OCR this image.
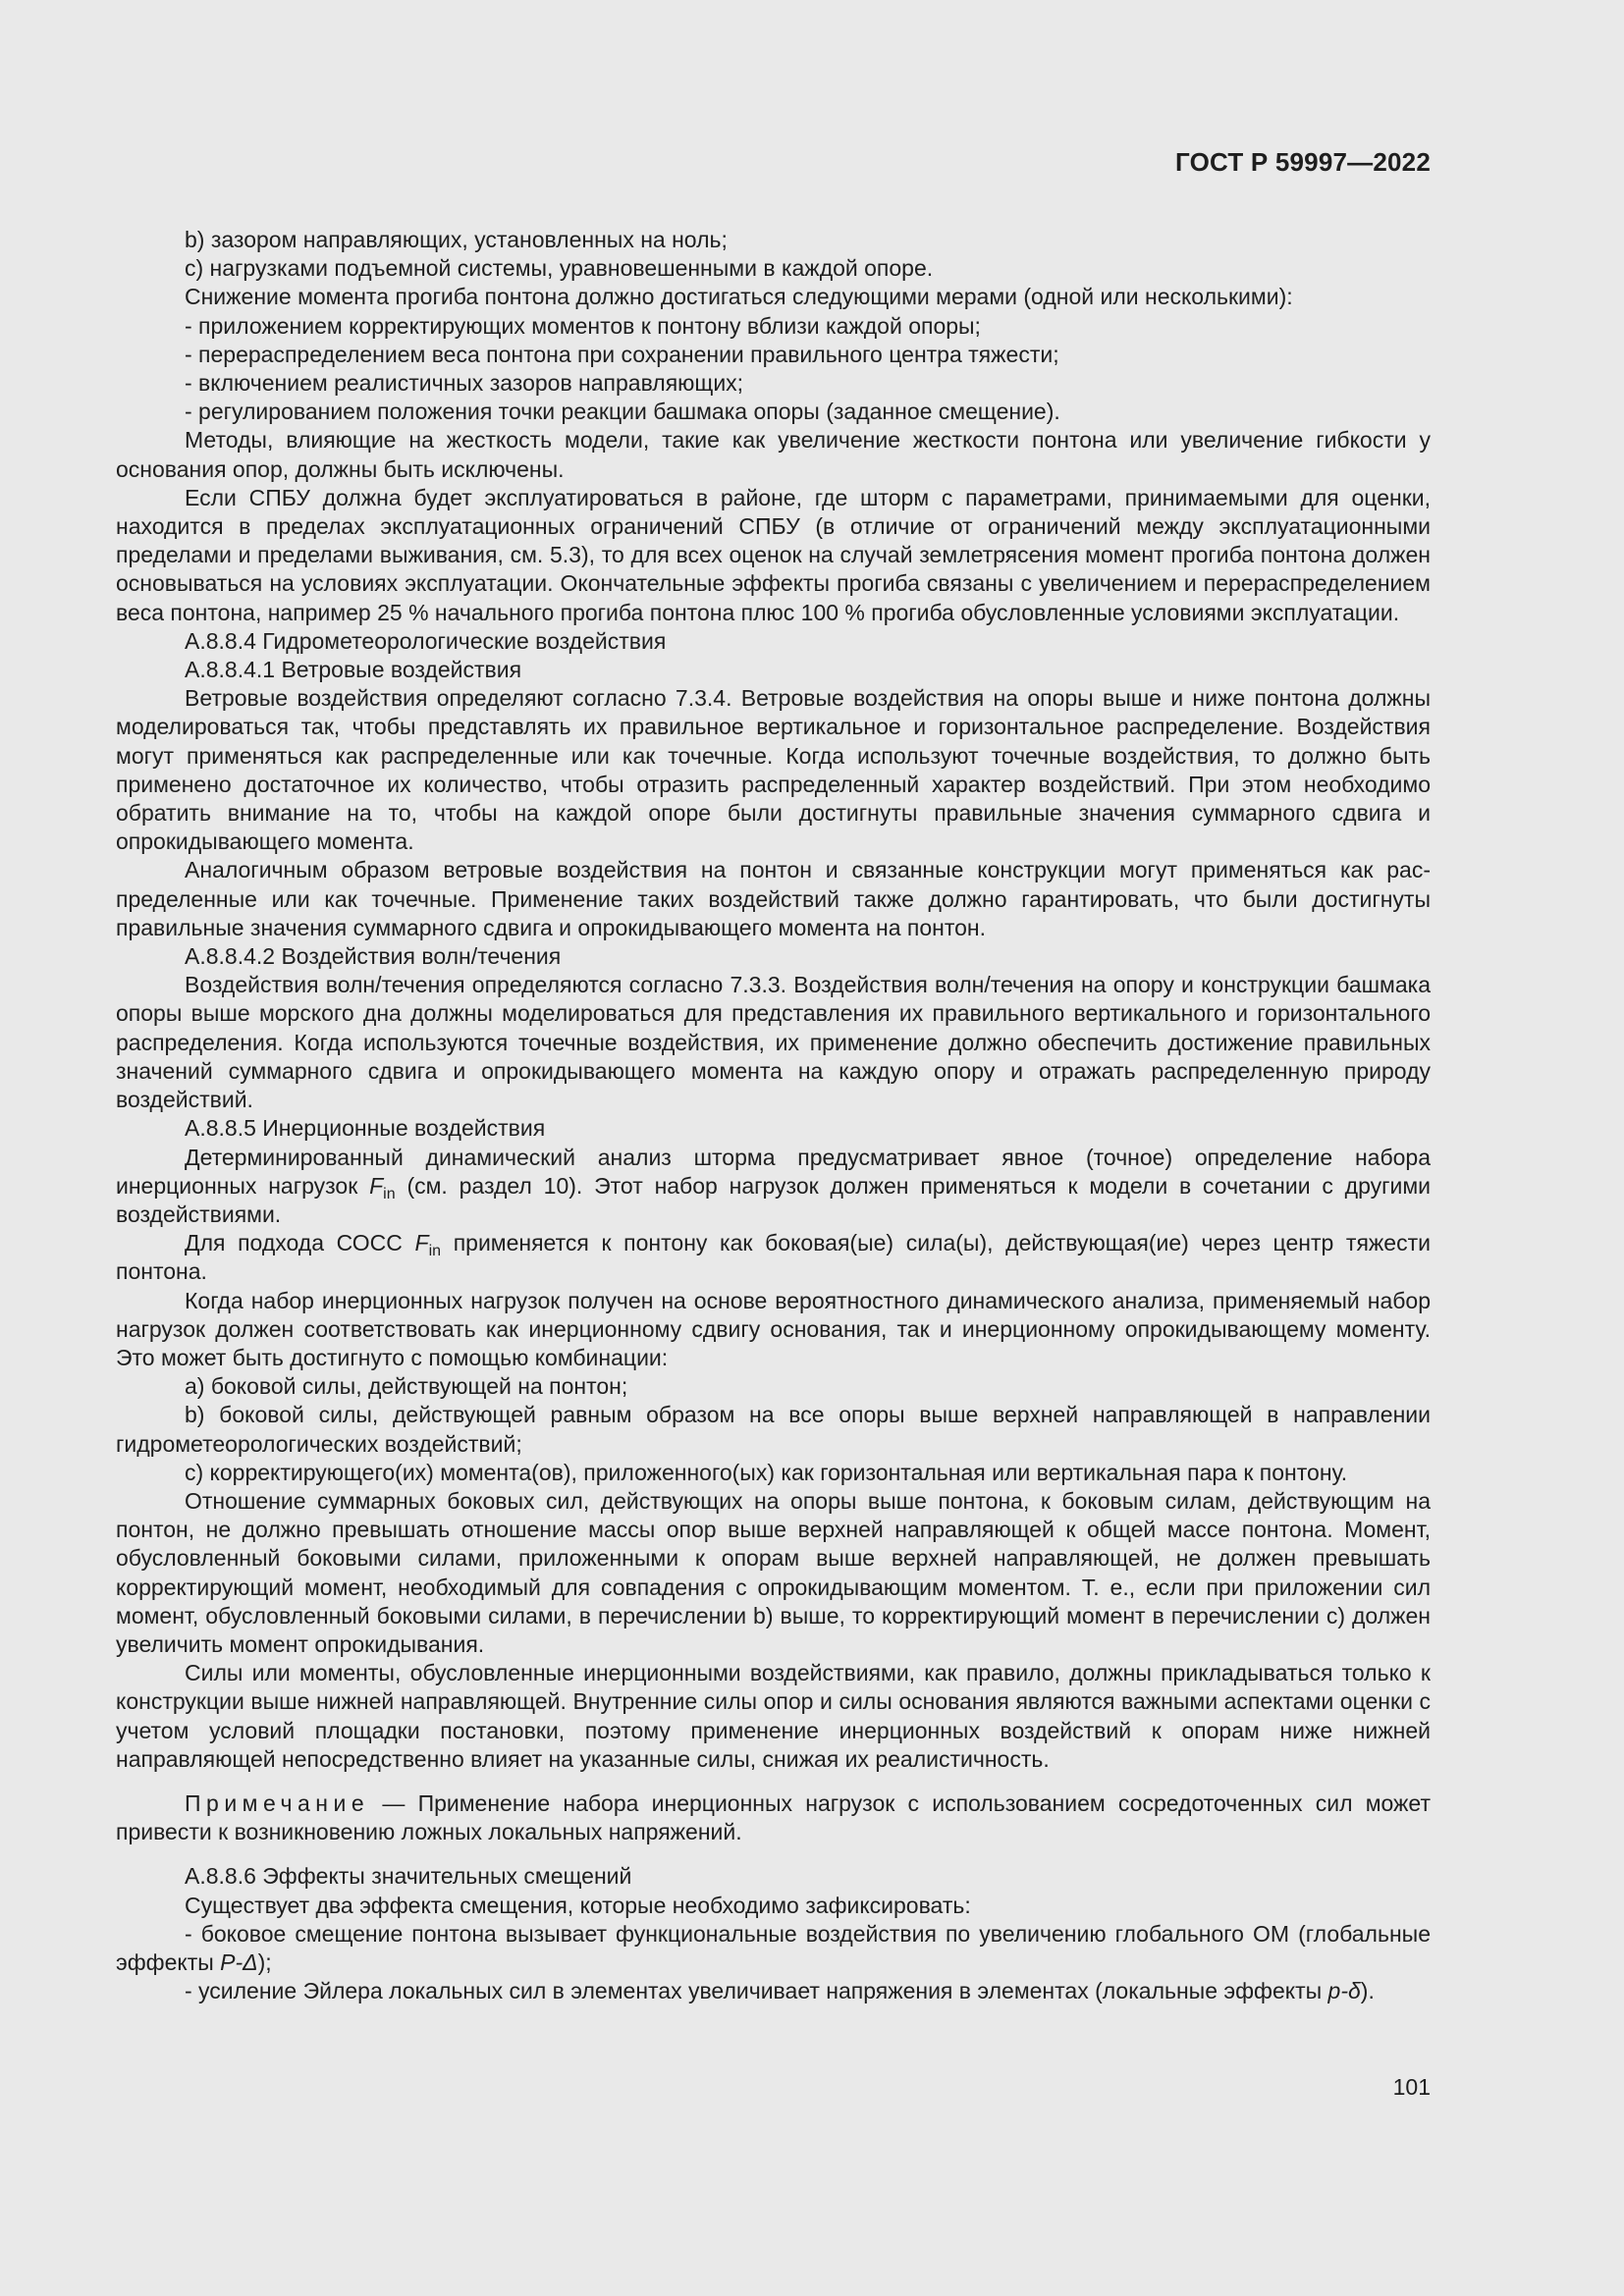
ГОСТ Р 59997—2022

b) зазором направляющих, установленных на ноль;

c) нагрузками подъемной системы, уравновешенными в каждой опоре.

Снижение момента прогиба понтона должно достигаться следующими мерами (одной или несколькими):

- приложением корректирующих моментов к понтону вблизи каждой опоры;

- перераспределением веса понтона при сохранении правильного центра тяжести;

- включением реалистичных зазоров направляющих;

- регулированием положения точки реакции башмака опоры (заданное смещение).

Методы, влияющие на жесткость модели, такие как увеличение жесткости понтона или увеличение гибкости у основания опор, должны быть исключены.

Если СПБУ должна будет эксплуатироваться в районе, где шторм с параметрами, принимаемыми для оценки, находится в пределах эксплуатационных ограничений СПБУ (в отличие от ограничений между эксплуатационными пределами и пределами выживания, см. 5.3), то для всех оценок на случай землетрясения момент прогиба понтона должен основываться на условиях эксплуатации. Окончательные эффекты прогиба связаны с увеличением и перераспределением веса понтона, например 25 % начального прогиба понтона плюс 100 % прогиба обусловленные условиями эксплуатации.

А.8.8.4 Гидрометеорологические воздействия

А.8.8.4.1 Ветровые воздействия

Ветровые воздействия определяют согласно 7.3.4. Ветровые воздействия на опоры выше и ниже понтона должны моделироваться так, чтобы представлять их правильное вертикальное и горизонтальное распределение. Воздействия могут применяться как распределенные или как точечные. Когда используют точечные воздействия, то должно быть применено достаточное их количество, чтобы отразить распределенный характер воздействий. При этом необходимо обратить внимание на то, чтобы на каждой опоре были достигнуты правильные значения суммарного сдвига и опрокидывающего момента.

Аналогичным образом ветровые воздействия на понтон и связанные конструкции могут применяться как распределенные или как точечные. Применение таких воздействий также должно гарантировать, что были достигнуты правильные значения суммарного сдвига и опрокидывающего момента на понтон.

А.8.8.4.2 Воздействия волн/течения

Воздействия волн/течения определяются согласно 7.3.3. Воздействия волн/течения на опору и конструкции башмака опоры выше морского дна должны моделироваться для представления их правильного вертикального и горизонтального распределения. Когда используются точечные воздействия, их применение должно обеспечить достижение правильных значений суммарного сдвига и опрокидывающего момента на каждую опору и отражать распределенную природу воздействий.

А.8.8.5 Инерционные воздействия

Детерминированный динамический анализ шторма предусматривает явное (точное) определение набора инерционных нагрузок $F_{in}$ (см. раздел 10). Этот набор нагрузок должен применяться к модели в сочетании с другими воздействиями.

Для подхода СОСС $F_{in}$ применяется к понтону как боковая(ые) сила(ы), действующая(ие) через центр тяжести понтона.

Когда набор инерционных нагрузок получен на основе вероятностного динамического анализа, применяемый набор нагрузок должен соответствовать как инерционному сдвигу основания, так и инерционному опрокидывающему моменту. Это может быть достигнуто с помощью комбинации:

a) боковой силы, действующей на понтон;

b) боковой силы, действующей равным образом на все опоры выше верхней направляющей в направлении гидрометеорологических воздействий;

c) корректирующего(их) момента(ов), приложенного(ых) как горизонтальная или вертикальная пара к понтону.

Отношение суммарных боковых сил, действующих на опоры выше понтона, к боковым силам, действующим на понтон, не должно превышать отношение массы опор выше верхней направляющей к общей массе понтона. Момент, обусловленный боковыми силами, приложенными к опорам выше верхней направляющей, не должен превышать корректирующий момент, необходимый для совпадения с опрокидывающим моментом. Т. е., если при приложении сил момент, обусловленный боковыми силами, в перечислении b) выше, то корректирующий момент в перечислении c) должен увеличить момент опрокидывания.

Силы или моменты, обусловленные инерционными воздействиями, как правило, должны прикладываться только к конструкции выше нижней направляющей. Внутренние силы опор и силы основания являются важными аспектами оценки с учетом условий площадки постановки, поэтому применение инерционных воздействий к опорам ниже нижней направляющей непосредственно влияет на указанные силы, снижая их реалистичность.

Примечание — Применение набора инерционных нагрузок с использованием сосредоточенных сил может привести к возникновению ложных локальных напряжений.

А.8.8.6 Эффекты значительных смещений

Существует два эффекта смещения, которые необходимо зафиксировать:

- боковое смещение понтона вызывает функциональные воздействия по увеличению глобального ОМ (глобальные эффекты P-Δ);

- усиление Эйлера локальных сил в элементах увеличивает напряжения в элементах (локальные эффекты p-δ).

101
